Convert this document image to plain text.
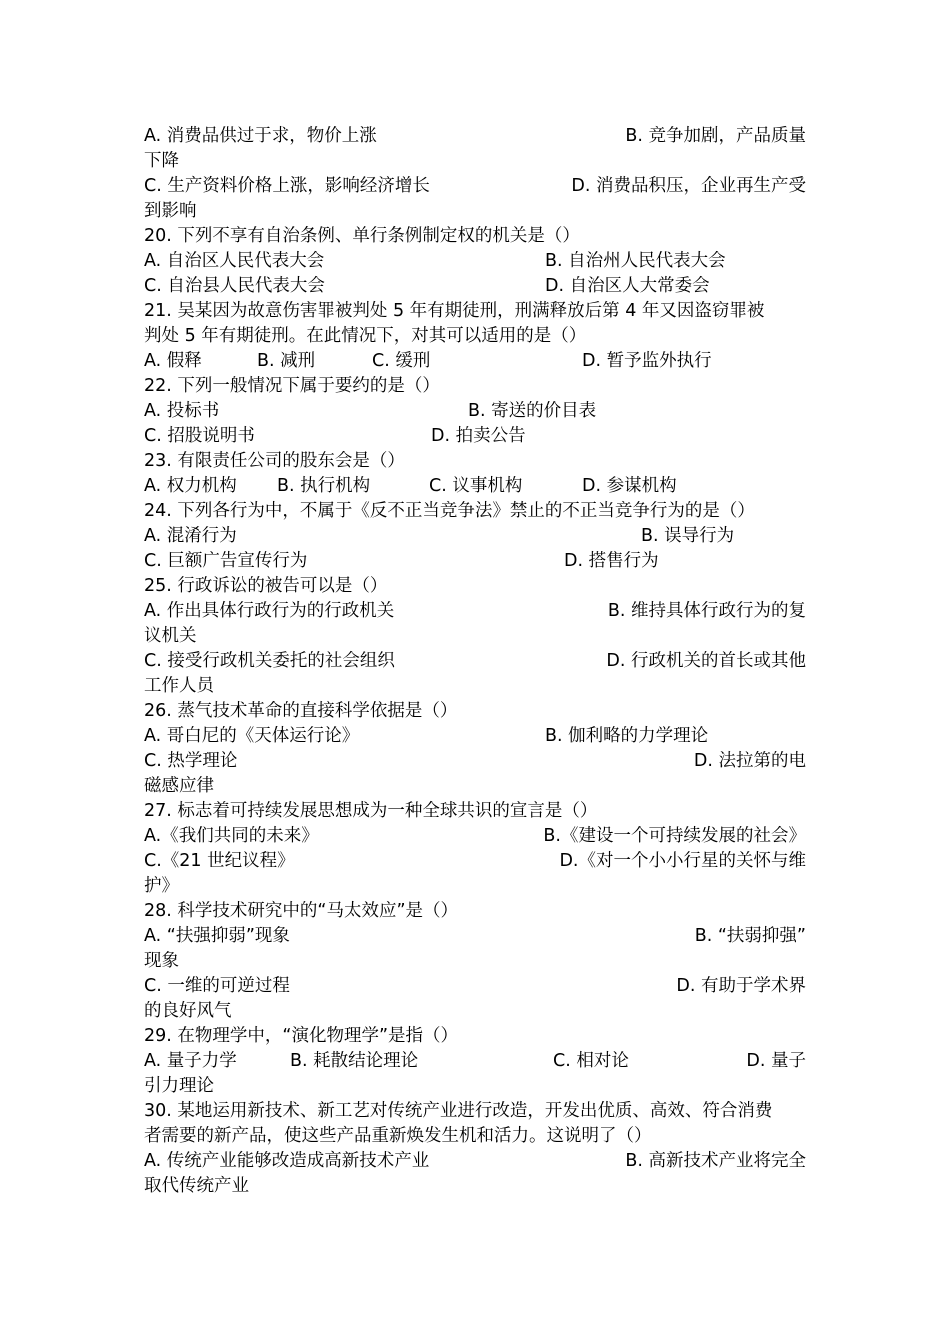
A. 消费品供过于求，物价上涨	B. 竞争加剧，产品质量
下降
C. 生产资料价格上涨，影响经济增长	D. 消费品积压，企业再生产受
到影响
20. 下列不享有自治条例、单行条例制定权的机关是（）
A. 自治区人民代表大会	B. 自治州人民代表大会
C. 自治县人民代表大会	D. 自治区人大常委会
21. 吴某因为故意伤害罪被判处 5 年有期徒刑，刑满释放后第 4 年又因盗窃罪被
判处 5 年有期徒刑。在此情况下，对其可以适用的是（）
A. 假释	B. 减刑	C. 缓刑	D. 暂予监外执行
22. 下列一般情况下属于要约的是（）
A. 投标书	B. 寄送的价目表
C. 招股说明书	D. 拍卖公告
23. 有限责任公司的股东会是（）
A. 权力机构 B. 执行机构	C. 议事机构	D. 参谋机构
24. 下列各行为中，不属于《反不正当竞争法》禁止的不正当竞争行为的是（）
A. 混淆行为	B. 误导行为
C. 巨额广告宣传行为	D. 搭售行为
25. 行政诉讼的被告可以是（）
A. 作出具体行政行为的行政机关	B. 维持具体行政行为的复
议机关
C. 接受行政机关委托的社会组织	D. 行政机关的首长或其他
工作人员
26. 蒸气技术革命的直接科学依据是（）
A. 哥白尼的《天体运行论》	B. 伽利略的力学理论
C. 热学理论	D. 法拉第的电
磁感应律
27. 标志着可持续发展思想成为一种全球共识的宣言是（）
A.《我们共同的未来》	B.《建设一个可持续发展的社会》
C.《21 世纪议程》	D.《对一个小小行星的关怀与维
护》
28. 科学技术研究中的“马太效应”是（）
A. “扶强抑弱”现象	B. “扶弱抑强”
现象
C. 一维的可逆过程	D. 有助于学术界
的良好风气
29. 在物理学中，“演化物理学”是指（）
A. 量子力学	B. 耗散结论理论	C. 相对论	D. 量子
引力理论
30. 某地运用新技术、新工艺对传统产业进行改造，开发出优质、高效、符合消费
者需要的新产品，使这些产品重新焕发生机和活力。这说明了（）
A. 传统产业能够改造成高新技术产业	B. 高新技术产业将完全
取代传统产业
